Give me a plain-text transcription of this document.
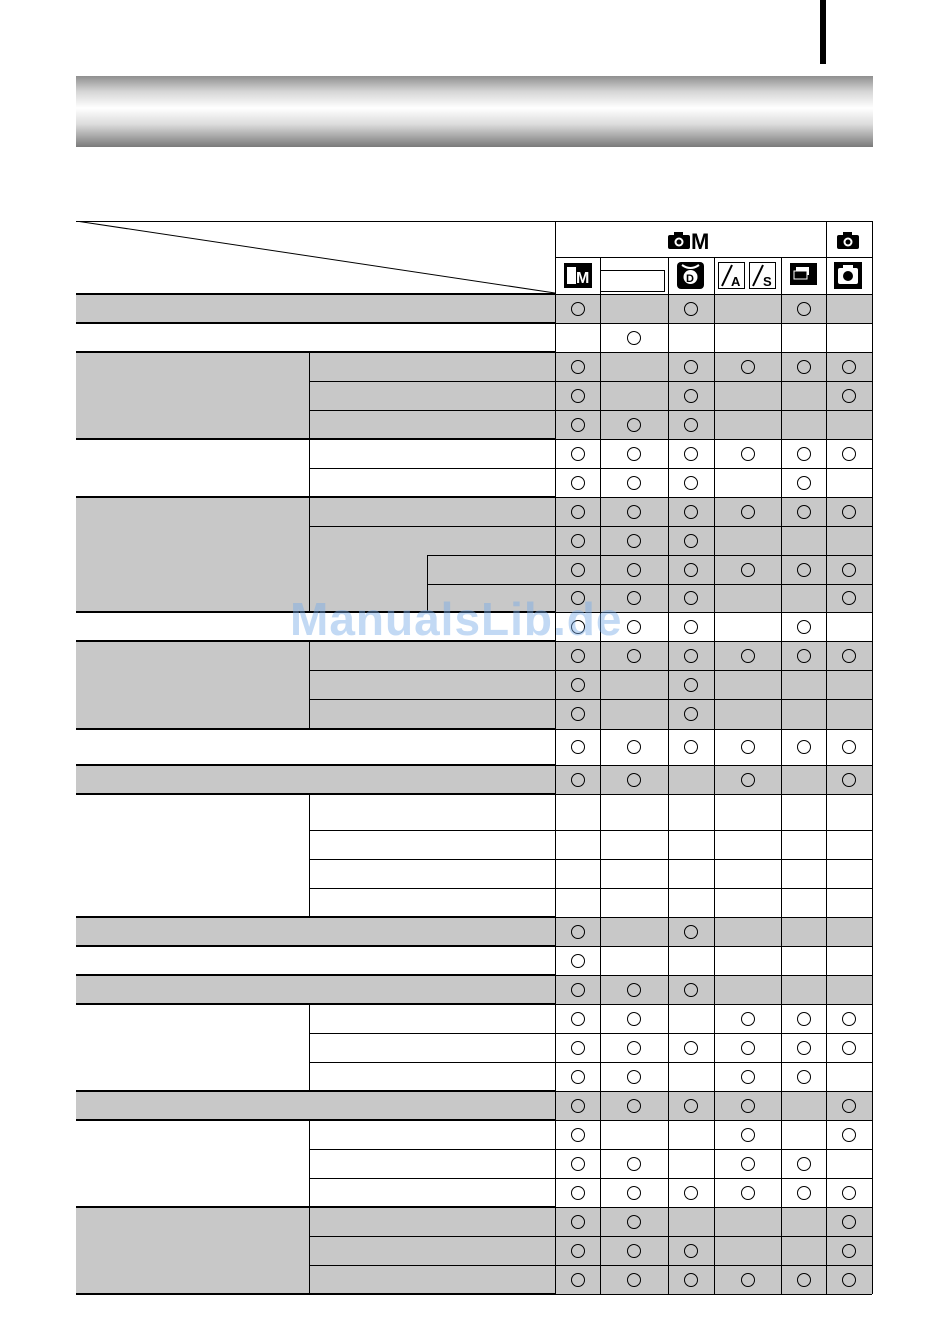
M
M	D	A S
ManualsLib.de
